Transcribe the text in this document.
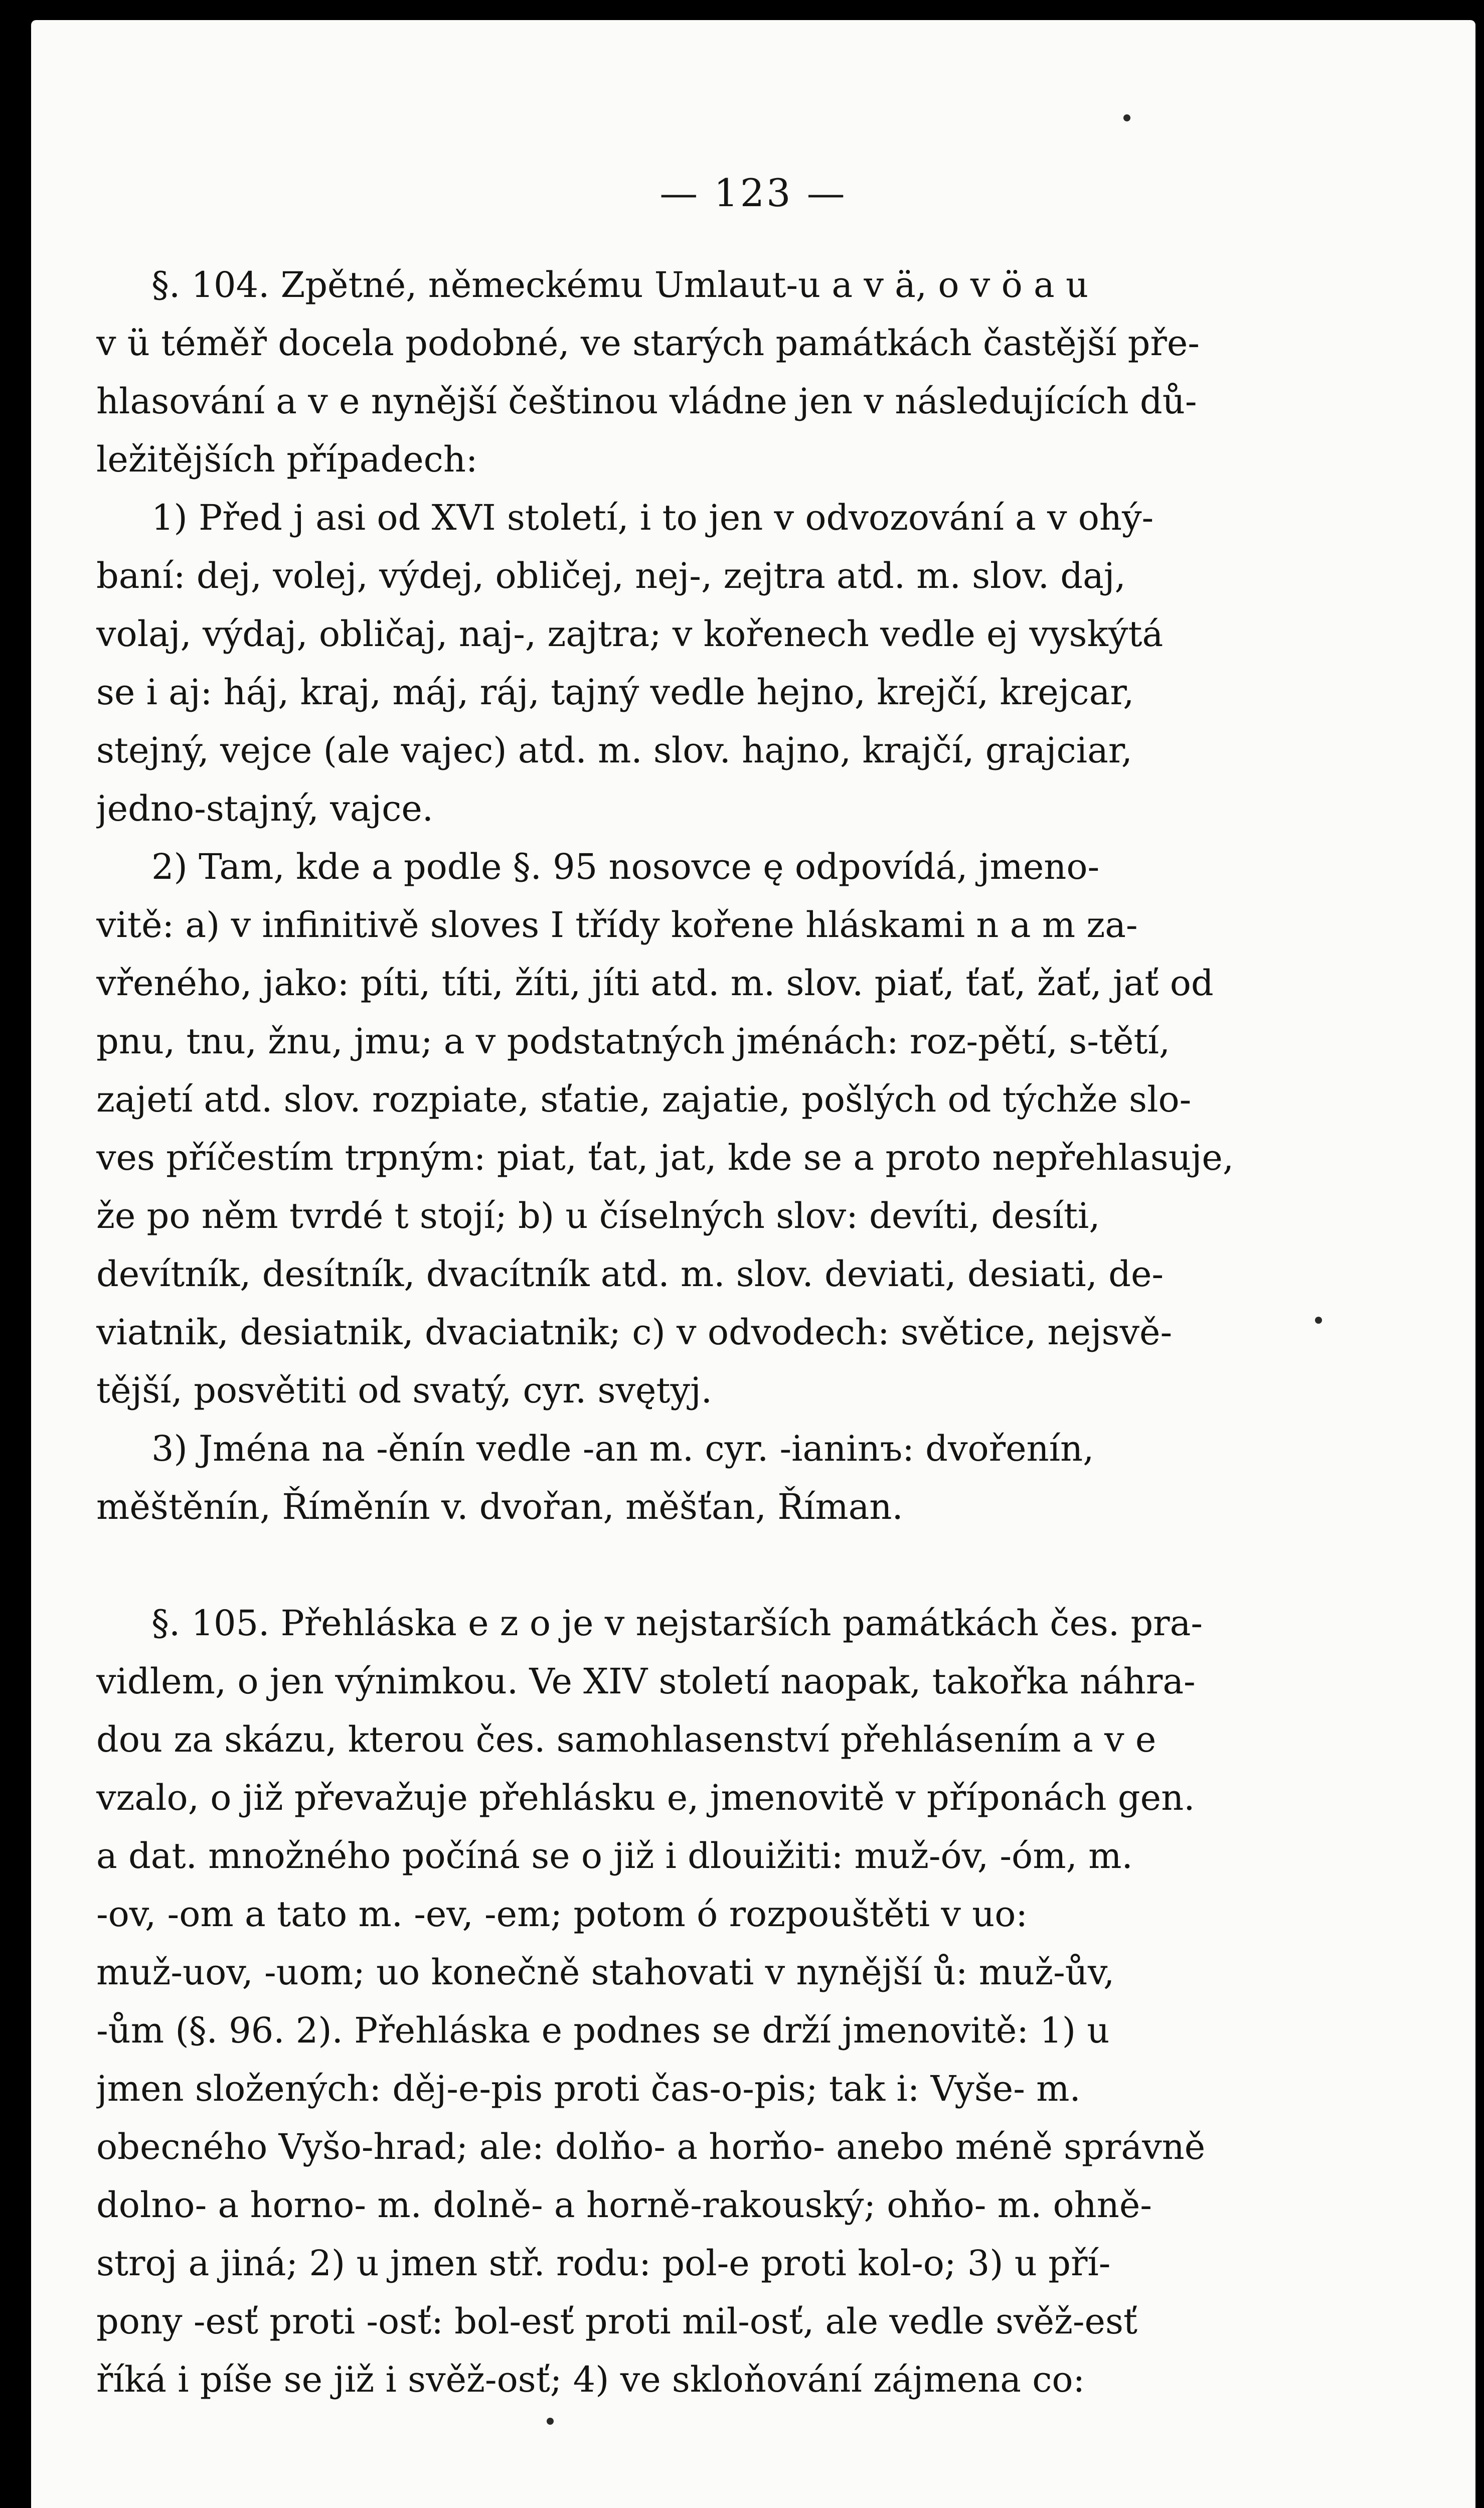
— 123 —
§. 104. Zpětné, německému Umlaut-u a v ä, o v ö a u
v ü téměř docela podobné, ve starých památkách častější pře-
hlasování a v e nynější češtinou vládne jen v následujících dů-
ležitějších případech:
1) Před j asi od XVI století, i to jen v odvozování a v ohý-
baní: dej, volej, výdej, obličej, nej-, zejtra atd. m. slov. daj,
volaj, výdaj, obličaj, naj-, zajtra; v kořenech vedle ej vyskýtá
se i aj: háj, kraj, máj, ráj, tajný vedle hejno, krejčí, krejcar,
stejný, vejce (ale vajec) atd. m. slov. hajno, krajčí, grajciar,
jedno-stajný, vajce.
2) Tam, kde a podle §. 95 nosovce ę odpovídá, jmeno-
vitě: a) v infinitivě sloves I třídy kořene hláskami n a m za-
vřeného, jako: píti, títi, žíti, jíti atd. m. slov. piať, ťať, žať, jať od
pnu, tnu, žnu, jmu; a v podstatných jménách: roz-pětí, s-tětí,
zajetí atd. slov. rozpiate, sťatie, zajatie, pošlých od týchže slo-
ves příčestím trpným: piat, ťat, jat, kde se a proto nepřehlasuje,
že po něm tvrdé t stojí; b) u číselných slov: devíti, desíti,
devítník, desítník, dvacítník atd. m. slov. deviati, desiati, de-
viatnik, desiatnik, dvaciatnik; c) v odvodech: světice, nejsvě-
tější, posvětiti od svatý, cyr. svętyj.
3) Jména na -ěnín vedle -an m. cyr. -ianinъ: dvořenín,
měštěnín, Říměnín v. dvořan, měšťan, Říman.
§. 105. Přehláska e z o je v nejstarších památkách čes. pra-
vidlem, o jen výnimkou. Ve XIV století naopak, takořka náhra-
dou za skázu, kterou čes. samohlasenství přehlásením a v e
vzalo, o již převažuje přehlásku e, jmenovitě v příponách gen.
a dat. množného počíná se o již i dlouižiti: muž-óv, -óm, m.
-ov, -om a tato m. -ev, -em; potom ó rozpouštěti v uo:
muž-uov, -uom; uo konečně stahovati v nynější ů: muž-ův,
-ům (§. 96. 2). Přehláska e podnes se drží jmenovitě: 1) u
jmen složených: děj-e-pis proti čas-o-pis; tak i: Vyše- m.
obecného Vyšo-hrad; ale: dolňo- a horňo- anebo méně správně
dolno- a horno- m. dolně- a horně-rakouský; ohňo- m. ohně-
stroj a jiná; 2) u jmen stř. rodu: pol-e proti kol-o; 3) u pří-
pony -esť proti -osť: bol-esť proti mil-osť, ale vedle svěž-esť
říká i píše se již i svěž-osť; 4) ve skloňování zájmena co:
